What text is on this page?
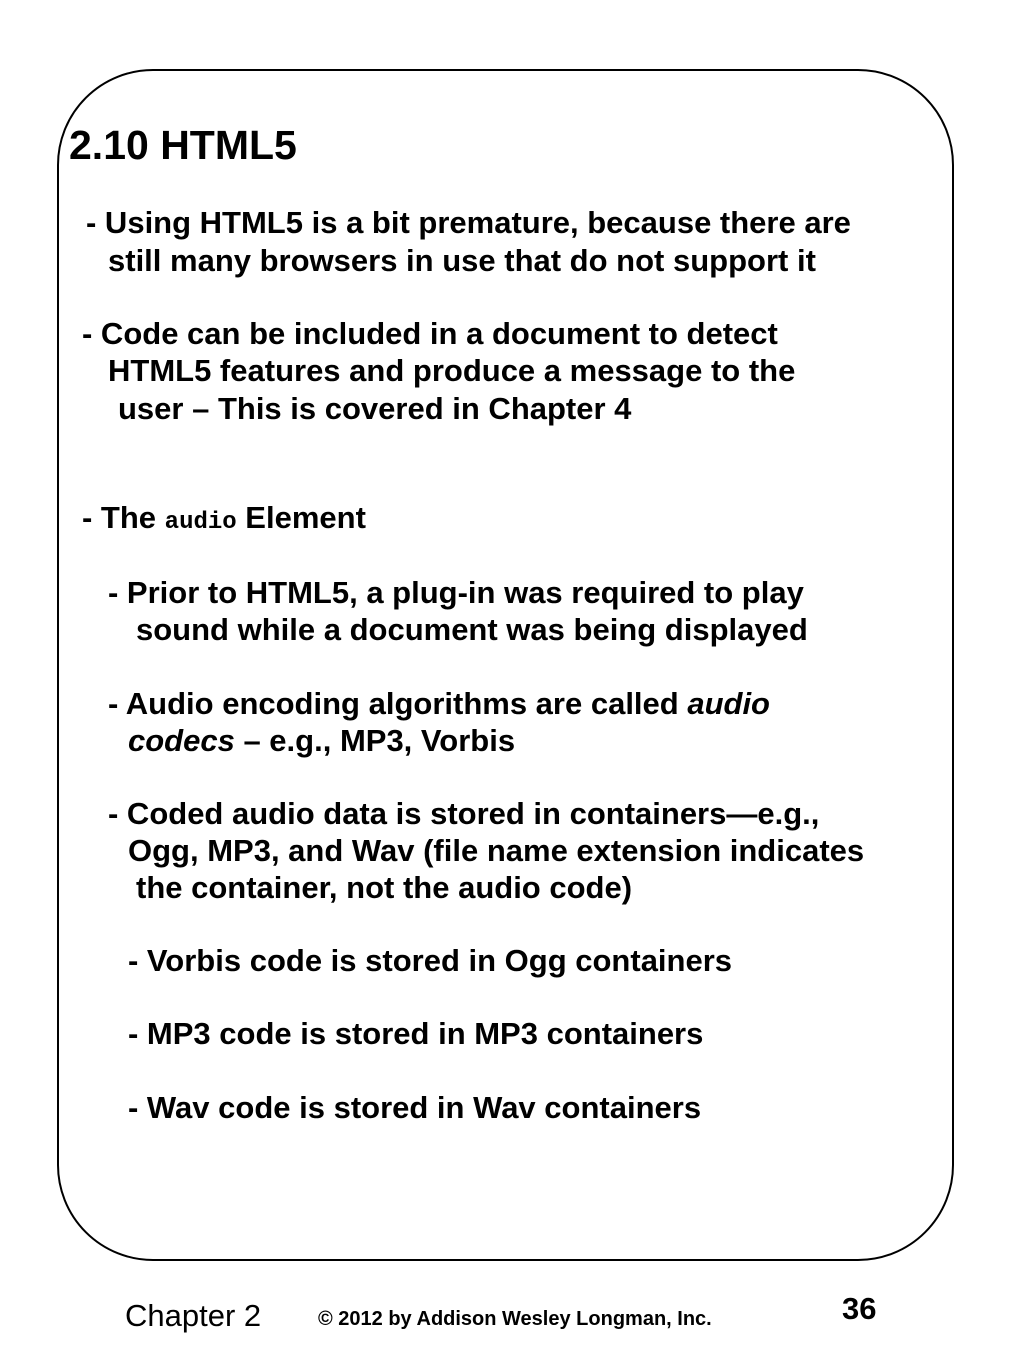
2.10 HTML5
- Using HTML5 is a bit premature, because there are
still many browsers in use that do not support it
- Code can be included in a document to detect
HTML5 features and produce a message to the
user – This is covered in Chapter 4
- The audio Element
- Prior to HTML5, a plug-in was required to play
sound while a document was being displayed
- Audio encoding algorithms are called audio
codecs – e.g., MP3, Vorbis
- Coded audio data is stored in containers—e.g.,
Ogg, MP3, and Wav (file name extension indicates
the container, not the audio code)
- Vorbis code is stored in Ogg containers
- MP3 code is stored in MP3 containers
- Wav code is stored in Wav containers
Chapter 2	© 2012 by Addison Wesley Longman, Inc.	36
